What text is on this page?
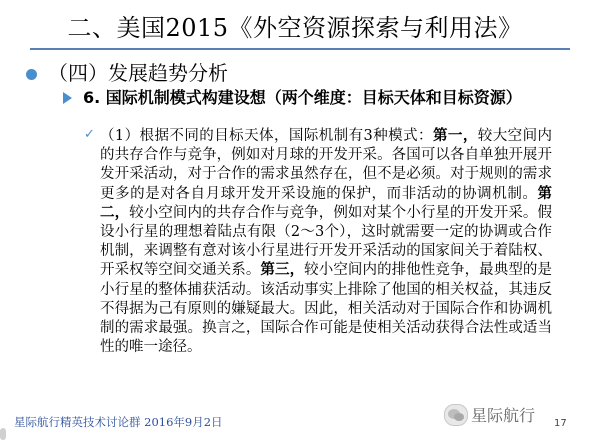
二、美国2015《外空资源探索与利用法》
（四）发展趋势分析
6. 国际机制模式构建设想（两个维度：目标天体和目标资源）
✓ （1）根据不同的目标天体，国际机制有3种模式：第一，较大空间内的共存合作与竞争，例如对月球的开发开采。各国可以各自单独开展开发开采活动，对于合作的需求虽然存在，但不是必须。对于规则的需求更多的是对各自月球开发开采设施的保护，而非活动的协调机制。第二，较小空间内的共存合作与竞争，例如对某个小行星的开发开采。假设小行星的理想着陆点有限（2～3个），这时就需要一定的协调或合作机制，来调整有意对该小行星进行开发开采活动的国家间关于着陆权、开采权等空间交通关系。第三，较小空间内的排他性竞争，最典型的是小行星的整体捕获活动。该活动事实上排除了他国的相关权益，其违反不得据为己有原则的嫌疑最大。因此，相关活动对于国际合作和协调机制的需求最强。换言之，国际合作可能是使相关活动获得合法性或适当性的唯一途径。
星际航行精英技术讨论群 2016年9月2日	星际航行 17
